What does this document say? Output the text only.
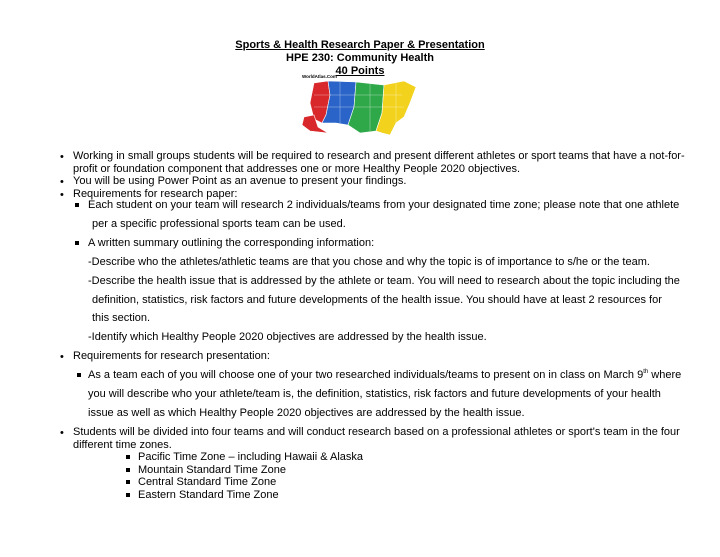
Sports & Health Research Paper & Presentation
HPE 230: Community Health
40 Points
WorldAtlas.Com
•
Working in small groups students will be required to research and present different athletes or sport teams that have a not-for-
profit or foundation component that addresses one or more Healthy People 2020 objectives.
•
You will be using Power Point as an avenue to present your findings.
•
Requirements for research paper:
Each student on your team will research 2 individuals/teams from your designated time zone; please note that one athlete
per a specific professional sports team can be used.
A written summary outlining the corresponding information:
-Describe who the athletes/athletic teams are that you chose and why the topic is of importance to s/he or the team.
-Describe the health issue that is addressed by the athlete or team. You will need to research about the topic including the
definition, statistics, risk factors and future developments of the health issue. You should have at least 2 resources for
this section.
-Identify which Healthy People 2020 objectives are addressed by the health issue.
•
Requirements for research presentation:
As a team each of you will choose one of your two researched individuals/teams to present on in class on March 9th where
you will describe who your athlete/team is, the definition, statistics, risk factors and future developments of your health
issue as well as which Healthy People 2020 objectives are addressed by the health issue.
•
Students will be divided into four teams and will conduct research based on a professional athletes or sport's team in the four
different time zones.
Pacific Time Zone – including Hawaii & Alaska
Mountain Standard Time Zone
Central Standard Time Zone
Eastern Standard Time Zone
